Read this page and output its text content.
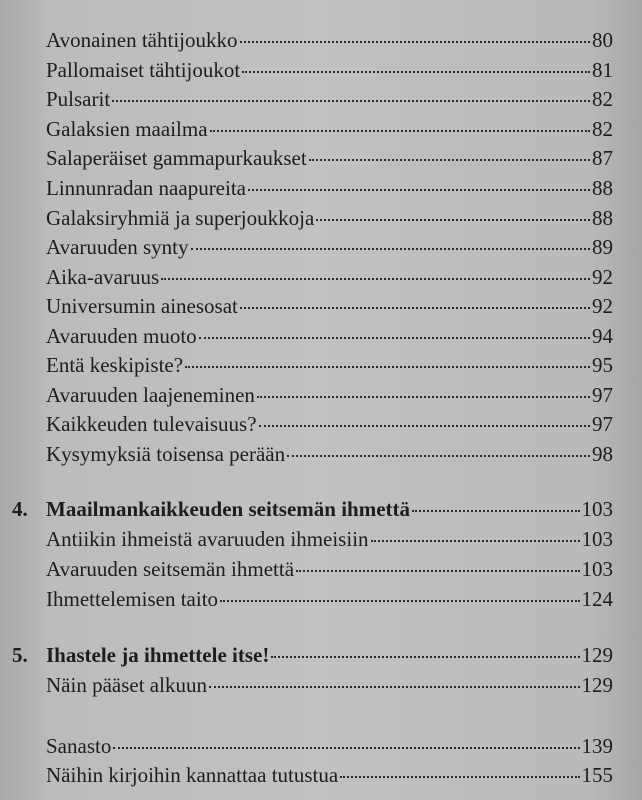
Avonainen tähtijoukko	80
Pallomaiset tähtijoukot	81
Pulsarit	82
Galaksien maailma	82
Salaperäiset gammapurkaukset	87
Linnunradan naapureita	88
Galaksiryhmiä ja superjoukkoja	88
Avaruuden synty	89
Aika-avaruus	92
Universumin ainesosat	92
Avaruuden muoto	94
Entä keskipiste?	95
Avaruuden laajeneminen	97
Kaikkeuden tulevaisuus?	97
Kysymyksiä toisensa perään	98
4. Maailmankaikkeuden seitsemän ihmettä	103
Antiikin ihmeistä avaruuden ihmeisiin	103
Avaruuden seitsemän ihmettä	103
Ihmettelemisen taito	124
5. Ihastele ja ihmettele itse!	129
Näin pääset alkuun	129
Sanasto	139
Näihin kirjoihin kannattaa tutustua	155
